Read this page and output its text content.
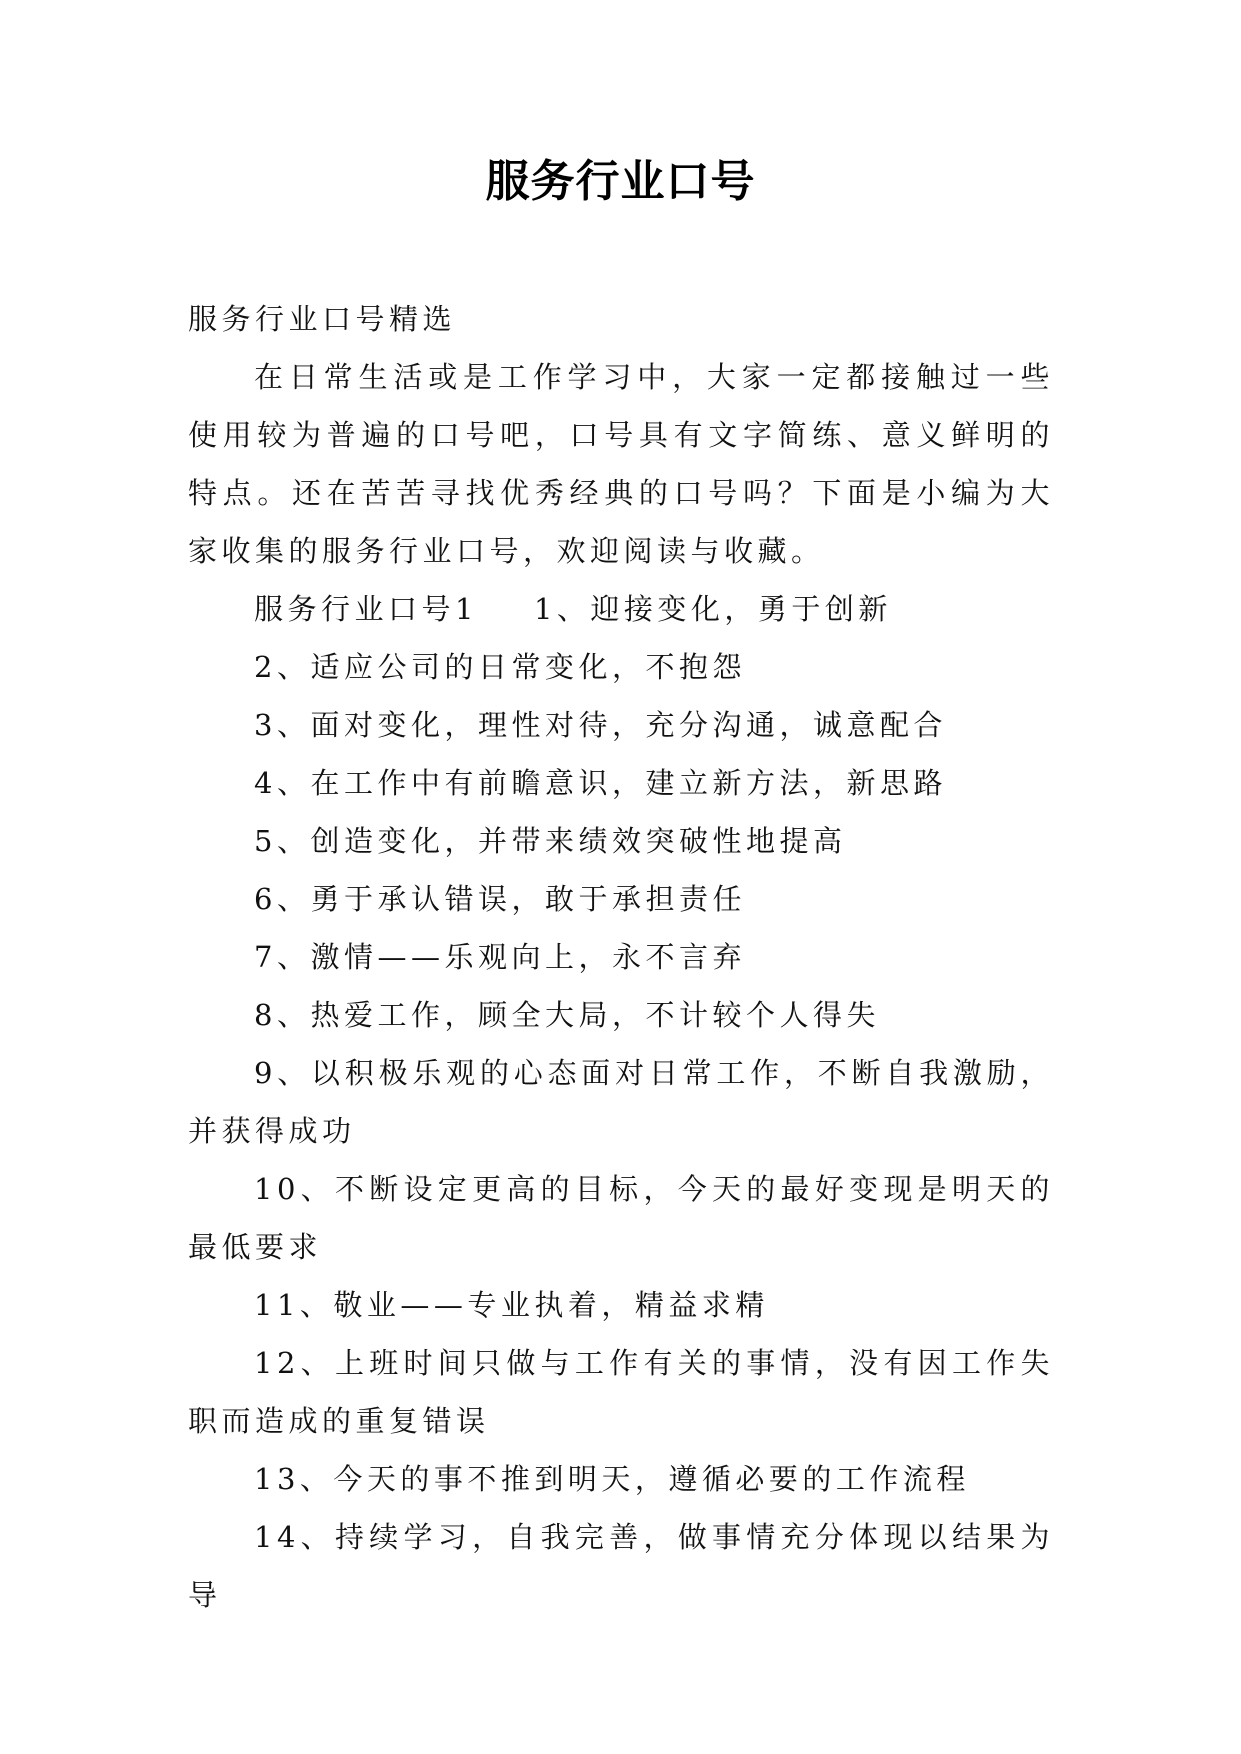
服务行业口号

服务行业口号精选

在日常生活或是工作学习中，大家一定都接触过一些使用较为普遍的口号吧，口号具有文字简练、意义鲜明的特点。还在苦苦寻找优秀经典的口号吗？下面是小编为大家收集的服务行业口号，欢迎阅读与收藏。

服务行业口号1 1、迎接变化，勇于创新

2、适应公司的日常变化，不抱怨

3、面对变化，理性对待，充分沟通，诚意配合

4、在工作中有前瞻意识，建立新方法，新思路

5、创造变化，并带来绩效突破性地提高

6、勇于承认错误，敢于承担责任

7、激情——乐观向上，永不言弃

8、热爱工作，顾全大局，不计较个人得失

9、以积极乐观的心态面对日常工作，不断自我激励，并获得成功

10、不断设定更高的目标，今天的最好变现是明天的最低要求

11、敬业——专业执着，精益求精

12、上班时间只做与工作有关的事情，没有因工作失职而造成的重复错误

13、今天的事不推到明天，遵循必要的工作流程

14、持续学习，自我完善，做事情充分体现以结果为导
